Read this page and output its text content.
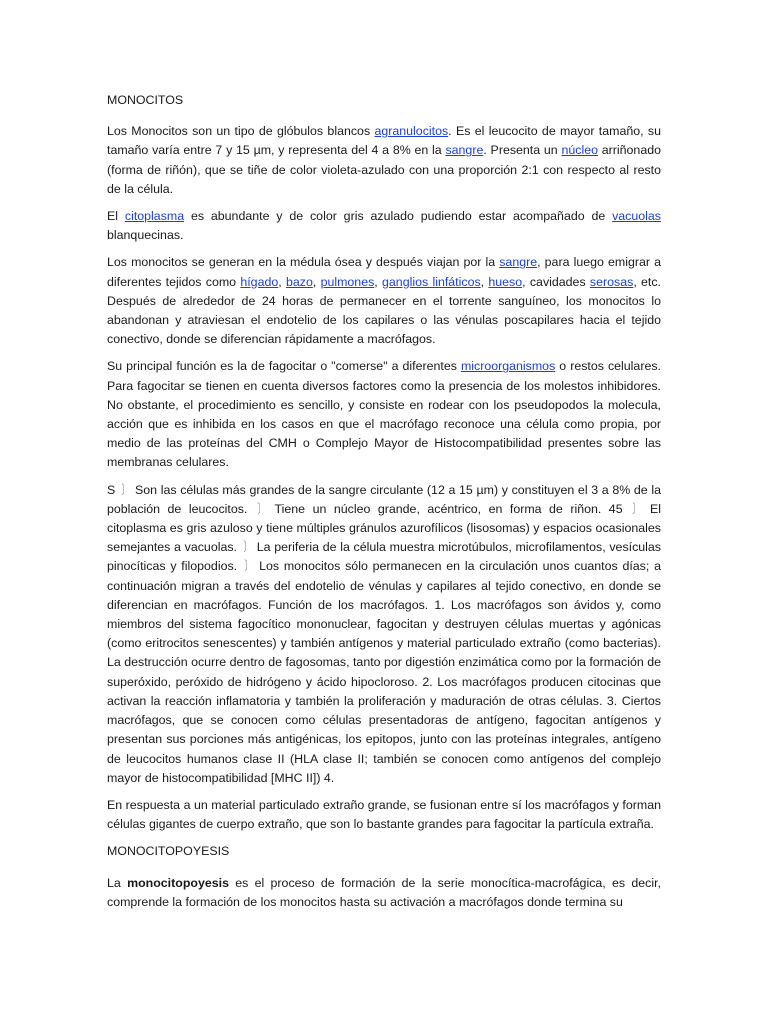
MONOCITOS

Los Monocitos son un tipo de glóbulos blancos agranulocitos. Es el leucocito de mayor tamaño, su tamaño varía entre 7 y 15 µm, y representa del 4 a 8% en la sangre. Presenta un núcleo arriñonado (forma de riñón), que se tiñe de color violeta-azulado con una proporción 2:1 con respecto al resto de la célula.

El citoplasma es abundante y de color gris azulado pudiendo estar acompañado de vacuolas blanquecinas.

Los monocitos se generan en la médula ósea y después viajan por la sangre, para luego emigrar a diferentes tejidos como hígado, bazo, pulmones, ganglios linfáticos, hueso, cavidades serosas, etc. Después de alrededor de 24 horas de permanecer en el torrente sanguíneo, los monocitos lo abandonan y atraviesan el endotelio de los capilares o las vénulas poscapilares hacia el tejido conectivo, donde se diferencian rápidamente a macrófagos.

Su principal función es la de fagocitar o "comerse" a diferentes microorganismos o restos celulares. Para fagocitar se tienen en cuenta diversos factores como la presencia de los molestos inhibidores. No obstante, el procedimiento es sencillo, y consiste en rodear con los pseudopodos la molecula, acción que es inhibida en los casos en que el macrófago reconoce una célula como propia, por medio de las proteínas del CMH o Complejo Mayor de Histocompatibilidad presentes sobre las membranas celulares.

S 〕 Son las células más grandes de la sangre circulante (12 a 15 µm) y constituyen el 3 a 8% de la población de leucocitos. 〕 Tiene un núcleo grande, acéntrico, en forma de riñon. 45 〕 El citoplasma es gris azuloso y tiene múltiples gránulos azurofílicos (lisosomas) y espacios ocasionales semejantes a vacuolas. 〕 La periferia de la célula muestra microtúbulos, microfilamentos, vesículas pinocíticas y filopodios. 〕 Los monocitos sólo permanecen en la circulación unos cuantos días; a continuación migran a través del endotelio de vénulas y capilares al tejido conectivo, en donde se diferencian en macrófagos. Función de los macrófagos. 1. Los macrófagos son ávidos y, como miembros del sistema fagocítico mononuclear, fagocitan y destruyen células muertas y agónicas (como eritrocitos senescentes) y también antígenos y material particulado extraño (como bacterias). La destrucción ocurre dentro de fagosomas, tanto por digestión enzimática como por la formación de superóxido, peróxido de hidrógeno y ácido hipocloroso. 2. Los macrófagos producen citocinas que activan la reacción inflamatoria y también la proliferación y maduración de otras células. 3. Ciertos macrófagos, que se conocen como células presentadoras de antígeno, fagocitan antígenos y presentan sus porciones más antigénicas, los epitopos, junto con las proteínas integrales, antígeno de leucocitos humanos clase II (HLA clase II; también se conocen como antígenos del complejo mayor de histocompatibilidad [MHC II]) 4.

En respuesta a un material particulado extraño grande, se fusionan entre sí los macrófagos y forman células gigantes de cuerpo extraño, que son lo bastante grandes para fagocitar la partícula extraña.

MONOCITOPOYESIS

La monocitopoyesis es el proceso de formación de la serie monocítica-macrofágica, es decir, comprende la formación de los monocitos hasta su activación a macrófagos donde termina su
